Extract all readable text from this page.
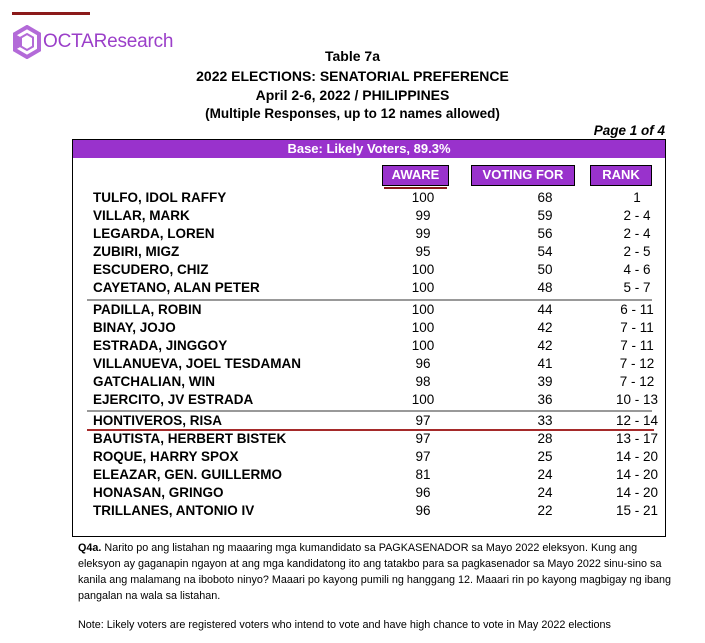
OCTAResearch
Table 7a
2022 ELECTIONS: SENATORIAL PREFERENCE
April 2-6, 2022 / PHILIPPINES
(Multiple Responses, up to 12 names allowed)
Page 1 of 4
Base: Likely Voters, 89.3%
AWARE	VOTING FOR	RANK
TULFO, IDOL RAFFY	100	68	1
VILLAR, MARK	99	59	2 - 4
LEGARDA, LOREN	99	56	2 - 4
ZUBIRI, MIGZ	95	54	2 - 5
ESCUDERO, CHIZ	100	50	4 - 6
CAYETANO, ALAN PETER	100	48	5 - 7
PADILLA, ROBIN	100	44	6 - 11
BINAY, JOJO	100	42	7 - 11
ESTRADA, JINGGOY	100	42	7 - 11
VILLANUEVA, JOEL TESDAMAN	96	41	7 - 12
GATCHALIAN, WIN	98	39	7 - 12
EJERCITO, JV ESTRADA	100	36	10 - 13
HONTIVEROS, RISA	97	33	12 - 14
BAUTISTA, HERBERT BISTEK	97	28	13 - 17
ROQUE, HARRY SPOX	97	25	14 - 20
ELEAZAR, GEN. GUILLERMO	81	24	14 - 20
HONASAN, GRINGO	96	24	14 - 20
TRILLANES, ANTONIO IV	96	22	15 - 21
Q4a. Narito po ang listahan ng maaaring mga kumandidato sa PAGKASENADOR sa Mayo 2022 eleksyon. Kung ang eleksyon ay gaganapin ngayon at ang mga kandidatong ito ang tatakbo para sa pagkasenador sa Mayo 2022 sinu-sino sa kanila ang malamang na iboboto ninyo? Maaari po kayong pumili ng hanggang 12. Maaari rin po kayong magbigay ng ibang pangalan na wala sa listahan.
Note: Likely voters are registered voters who intend to vote and have high chance to vote in May 2022 elections
